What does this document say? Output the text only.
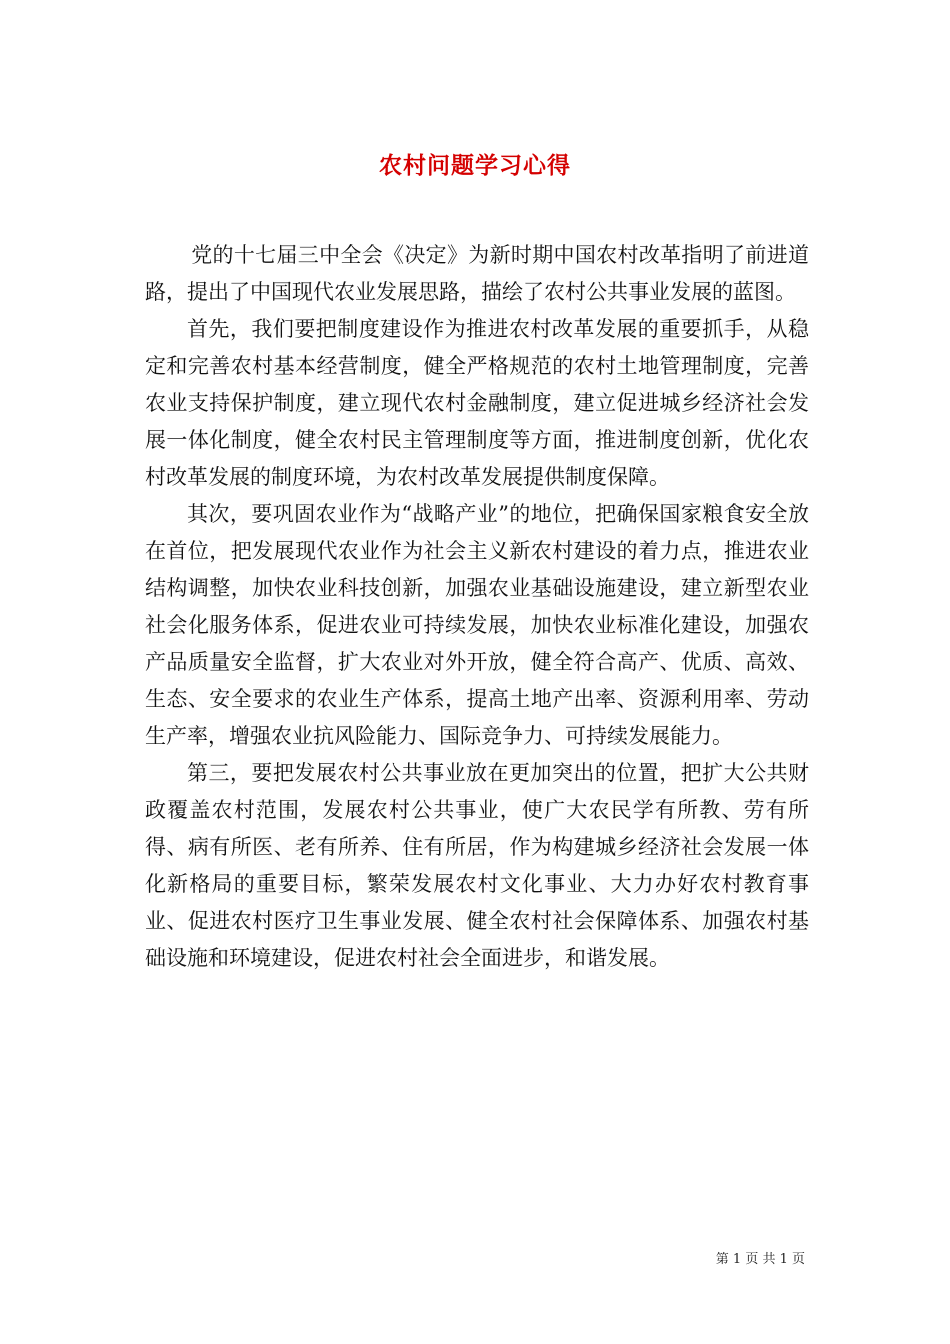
农村问题学习心得

党的十七届三中全会《决定》为新时期中国农村改革指明了前进道路，提出了中国现代农业发展思路，描绘了农村公共事业发展的蓝图。

首先，我们要把制度建设作为推进农村改革发展的重要抓手，从稳定和完善农村基本经营制度，健全严格规范的农村土地管理制度，完善农业支持保护制度，建立现代农村金融制度，建立促进城乡经济社会发展一体化制度，健全农村民主管理制度等方面，推进制度创新，优化农村改革发展的制度环境，为农村改革发展提供制度保障。

其次，要巩固农业作为“战略产业”的地位，把确保国家粮食安全放在首位，把发展现代农业作为社会主义新农村建设的着力点，推进农业结构调整，加快农业科技创新，加强农业基础设施建设，建立新型农业社会化服务体系，促进农业可持续发展，加快农业标准化建设，加强农产品质量安全监督，扩大农业对外开放，健全符合高产、优质、高效、生态、安全要求的农业生产体系，提高土地产出率、资源利用率、劳动生产率，增强农业抗风险能力、国际竞争力、可持续发展能力。

第三，要把发展农村公共事业放在更加突出的位置，把扩大公共财政覆盖农村范围，发展农村公共事业，使广大农民学有所教、劳有所得、病有所医、老有所养、住有所居，作为构建城乡经济社会发展一体化新格局的重要目标，繁荣发展农村文化事业、大力办好农村教育事业、促进农村医疗卫生事业发展、健全农村社会保障体系、加强农村基础设施和环境建设，促进农村社会全面进步，和谐发展。

第 1 页 共 1 页
